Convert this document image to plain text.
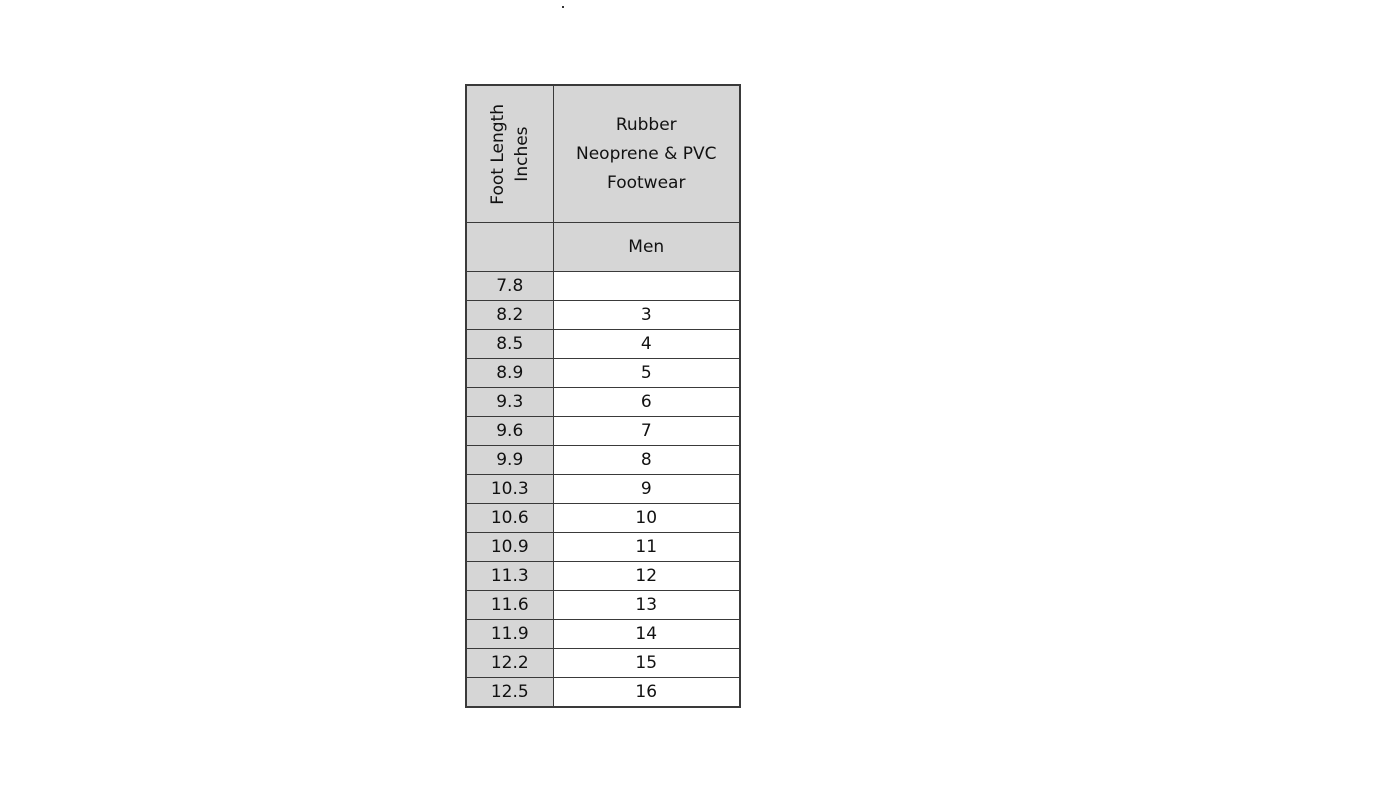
Foot Length Inches	Rubber
Neoprene & PVC
Footwear

	Men
7.8	
8.2	3
8.5	4
8.9	5
9.3	6
9.6	7
9.9	8
10.3	9
10.6	10
10.9	11
11.3	12
11.6	13
11.9	14
12.2	15
12.5	16
